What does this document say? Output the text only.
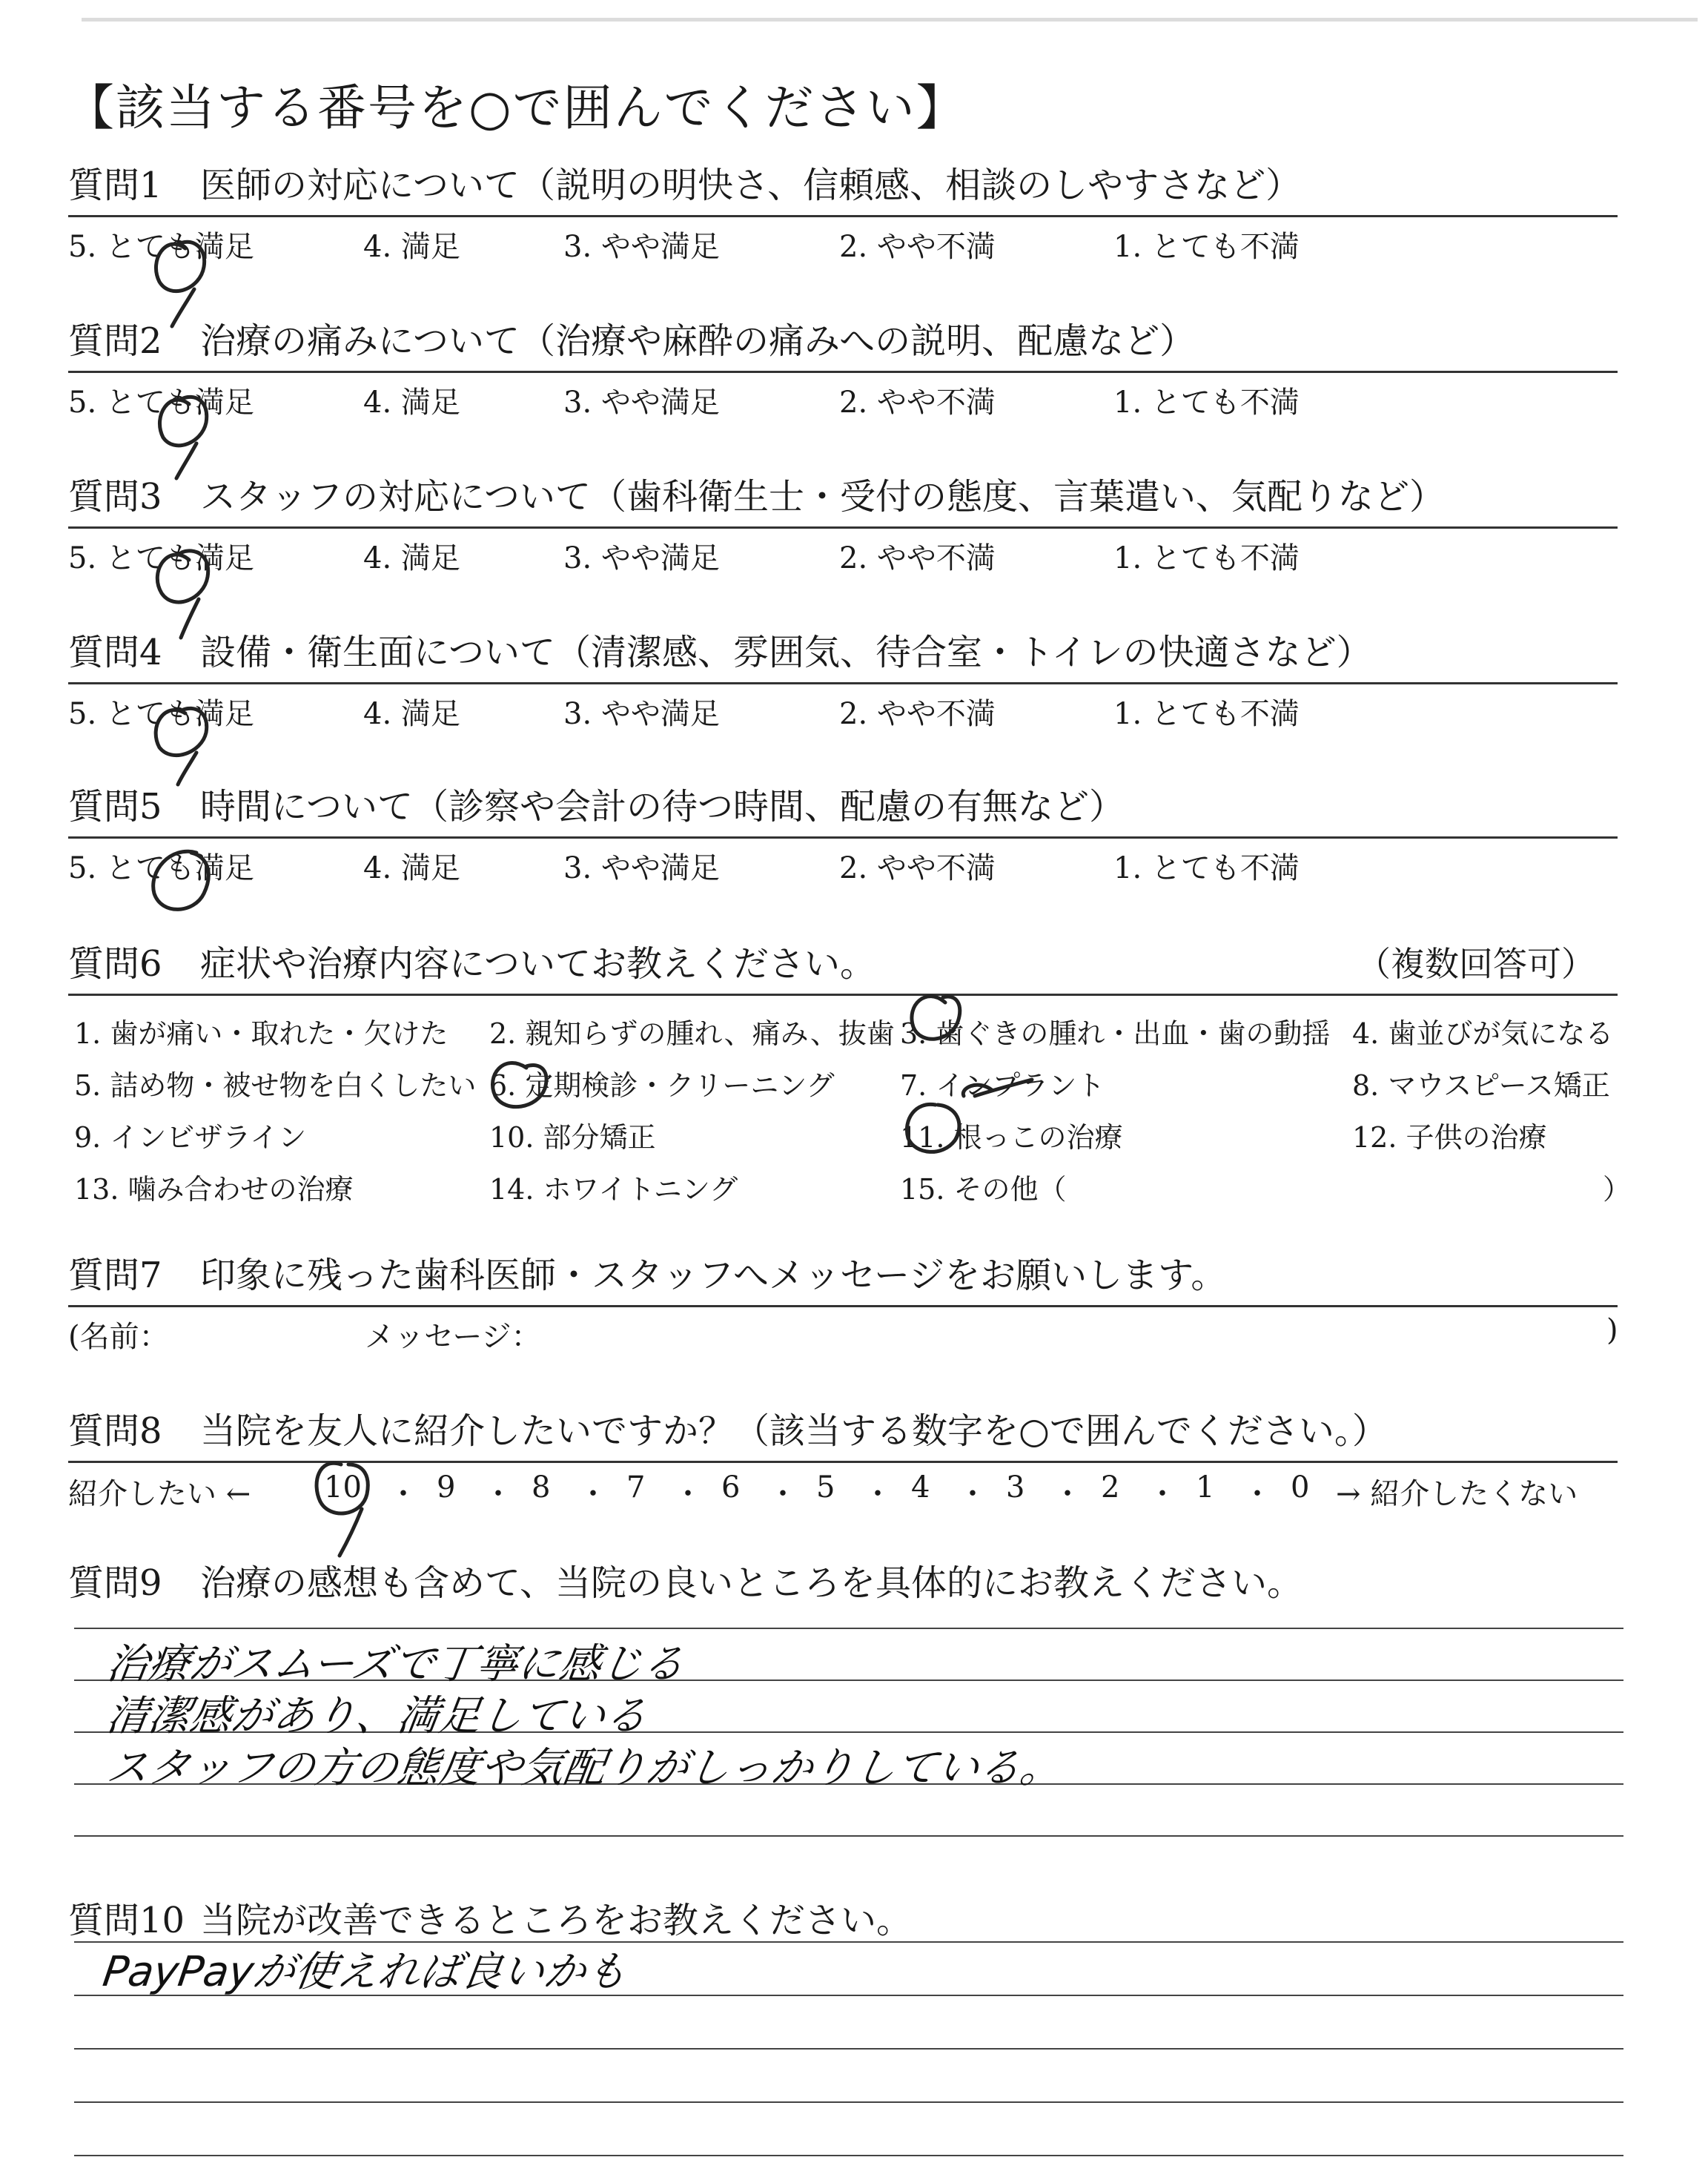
【該当する番号を○で囲んでください】
質問1 医師の対応について（説明の明快さ、信頼感、相談のしやすさなど）
5. とても満足	4. 満足	3. やや満足	2. やや不満	1. とても不満
質問2 治療の痛みについて（治療や麻酔の痛みへの説明、配慮など）
5. とても満足	4. 満足	3. やや満足	2. やや不満	1. とても不満
質問3 スタッフの対応について（歯科衛生士・受付の態度、言葉遣い、気配りなど）
5. とても満足	4. 満足	3. やや満足	2. やや不満	1. とても不満
質問4 設備・衛生面について（清潔感、雰囲気、待合室・トイレの快適さなど）
5. とても満足	4. 満足	3. やや満足	2. やや不満	1. とても不満
質問5 時間について（診察や会計の待つ時間、配慮の有無など）
5. とても満足	4. 満足	3. やや満足	2. やや不満	1. とても不満
質問6 症状や治療内容についてお教えください。	（複数回答可）
1. 歯が痛い・取れた・欠けた 2. 親知らずの腫れ、痛み、抜歯 3. 歯ぐきの腫れ・出血・歯の動揺 4. 歯並びが気になる
5. 詰め物・被せ物を白くしたい 6. 定期検診・クリーニング 7. インプラント	8. マウスピース矯正
9. インビザライン	10. 部分矯正	11. 根っこの治療	12. 子供の治療
13. 噛み合わせの治療	14. ホワイトニング	15. その他（	）
質問7 印象に残った歯科医師・スタッフへメッセージをお願いします。
(名前：	メッセージ：	)
質問8 当院を友人に紹介したいですか？（該当する数字を○で囲んでください。）
紹介したい ← 10 ・ 9 ・ 8 ・ 7 ・ 6 ・ 5 ・ 4 ・ 3 ・ 2 ・ 1 ・ 0 → 紹介したくない
質問9 治療の感想も含めて、当院の良いところを具体的にお教えください。
治療がスムーズで丁寧に感じる
清潔感があり、満足している
スタッフの方の態度や気配りがしっかりしている。
質問10 当院が改善できるところをお教えください。
PayPayが使えれば良いかも
